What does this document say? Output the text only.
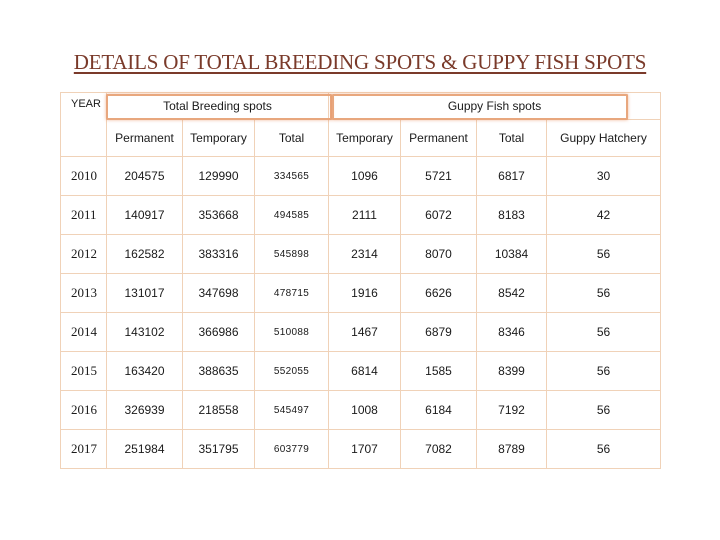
DETAILS OF TOTAL BREEDING SPOTS & GUPPY FISH SPOTS
YEAR	Total Breeding spots			Guppy Fish spots			
	Permanent	Temporary	Total	Temporary	Permanent	Total	Guppy Hatchery
2010	204575	129990	334565	1096	5721	6817	30
2011	140917	353668	494585	2111	6072	8183	42
2012	162582	383316	545898	2314	8070	10384	56
2013	131017	347698	478715	1916	6626	8542	56
2014	143102	366986	510088	1467	6879	8346	56
2015	163420	388635	552055	6814	1585	8399	56
2016	326939	218558	545497	1008	6184	7192	56
2017	251984	351795	603779	1707	7082	8789	56
